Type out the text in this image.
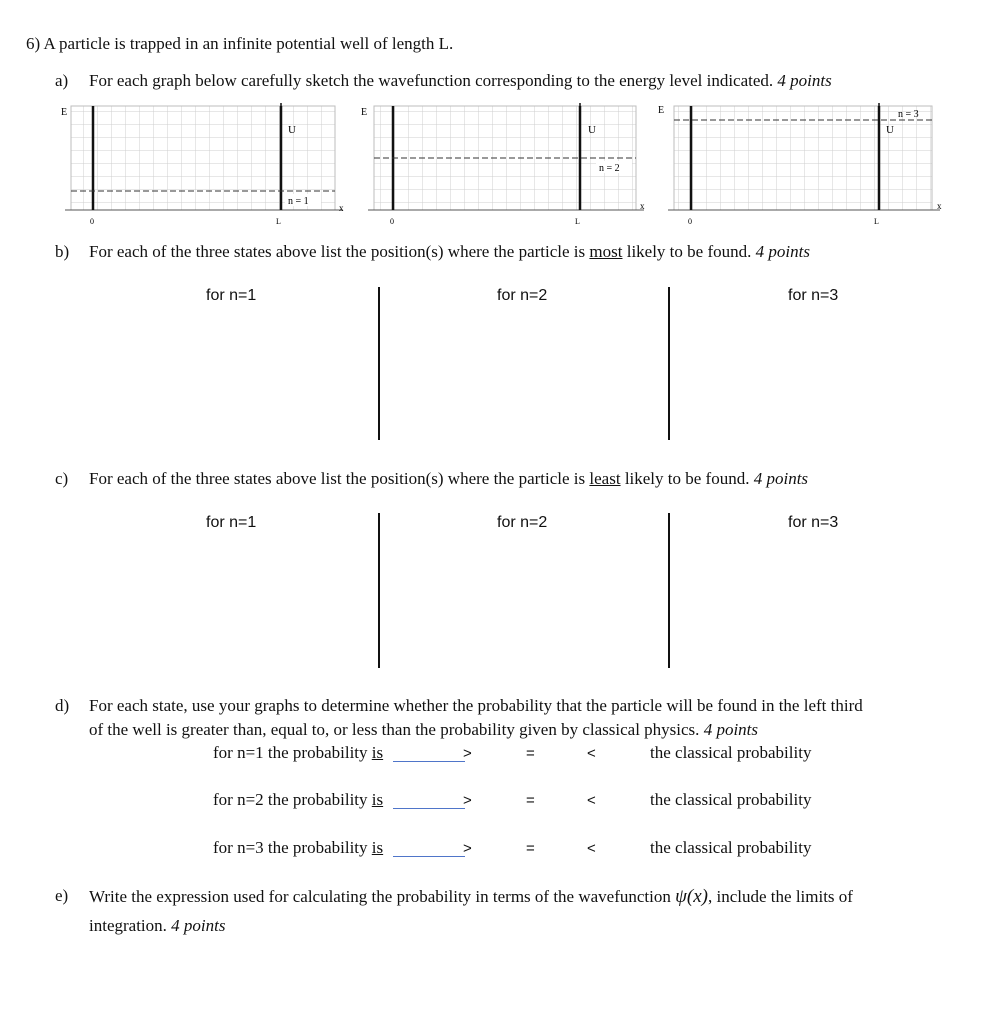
6) A particle is trapped in an infinite potential well of length L.
a) For each graph below carefully sketch the wavefunction corresponding to the energy level indicated. 4 points
E
U
n = 1
x
0	L
E
U
n = 2
x
0	L
E
U
n = 3
x
0	L
b) For each of the three states above list the position(s) where the particle is most likely to be found. 4 points
for n=1	for n=2	for n=3
c) For each of the three states above list the position(s) where the particle is least likely to be found. 4 points
for n=1	for n=2	for n=3
d) For each state, use your graphs to determine whether the probability that the particle will be found in the left third
of the well is greater than, equal to, or less than the probability given by classical physics. 4 points
for n=1 the probability is	>	=	<	the classical probability
for n=2 the probability is	>	=	<	the classical probability
for n=3 the probability is	>	=	<	the classical probability
e) Write the expression used for calculating the probability in terms of the wavefunction ψ(x), include the limits of
integration. 4 points
